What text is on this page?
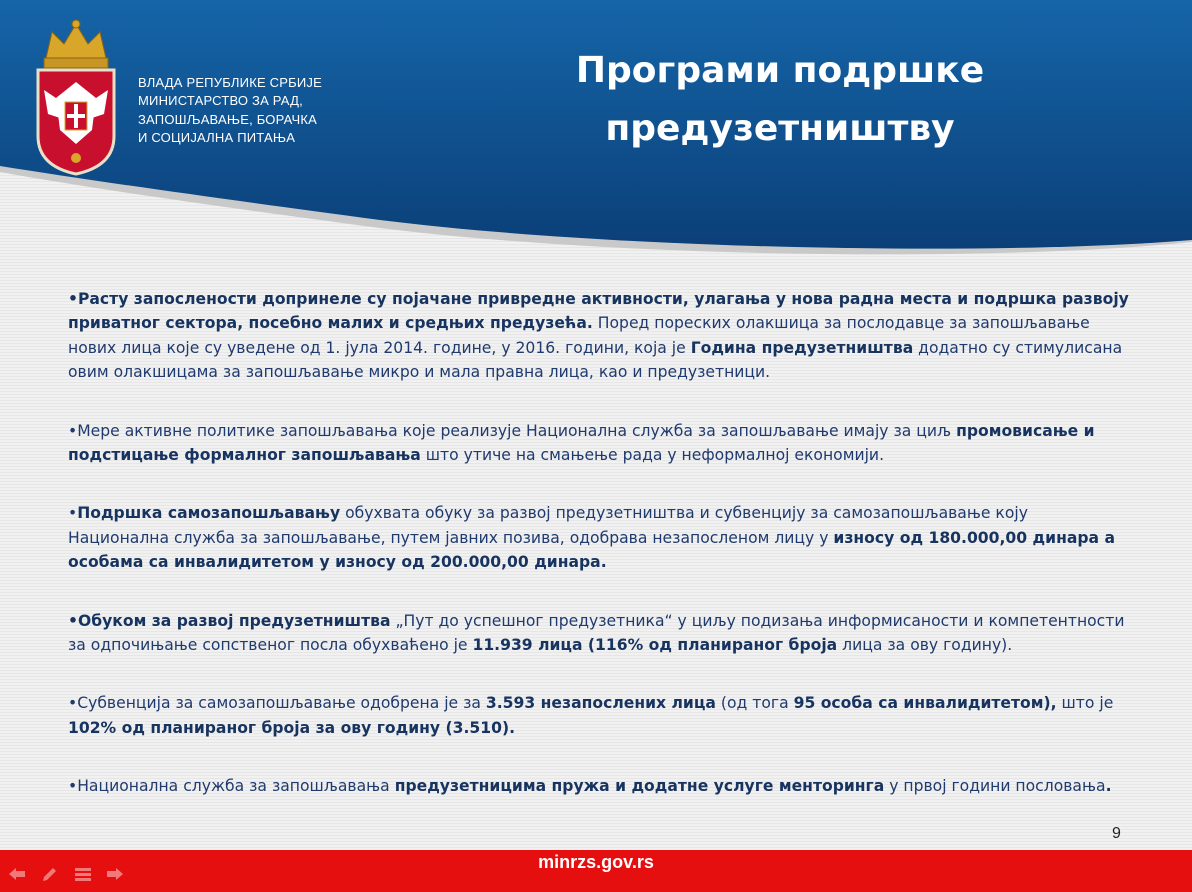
ВЛАДА РЕПУБЛИКЕ СРБИЈЕ
МИНИСТАРСТВО ЗА РАД,
ЗАПОШЉАВАЊЕ, БОРАЧКА
И СОЦИЈАЛНА ПИТАЊА
Програми подршке
предузетништву

•Расту запослености допринеле су појачане привредне активности, улагања у нова радна места и подршка развоју приватног сектора, посебно малих и средњих предузећа. Поред пореских олакшица за послодавце за запошљавање нових лица које су уведене од 1. јула 2014. године, у 2016. години, која је Година предузетништва додатно су стимулисана овим олакшицама за запошљавање микро и мала правна лица, као и предузетници.

•Мере активне политике запошљавања које реализује Национална служба за запошљавање имају за циљ промовисање и подстицање формалног запошљавања што утиче на смањење рада у неформалној економији.

•Подршка самозапошљавању обухвата обуку за развој предузетништва и субвенцију за самозапошљавање коју Национална служба за запошљавање, путем јавних позива, одобрава незапосленом лицу у износу од 180.000,00 динара а особама са инвалидитетом у износу од 200.000,00 динара.

•Обуком за развој предузетништва „Пут до успешног предузетника“ у циљу подизања информисаности и компетентности за одпочињање сопственог посла обухваћено је 11.939 лица (116% од планираног броја лица за ову годину).

•Субвенција за самозапошљавање одобрена је за 3.593 незапослених лица (од тога 95 особа са инвалидитетом), што је 102% од планираног броја за ову годину (3.510).

•Национална служба за запошљавања предузетницима пружа и додатне услуге менторинга у првој години пословања.

9
minrzs.gov.rs
